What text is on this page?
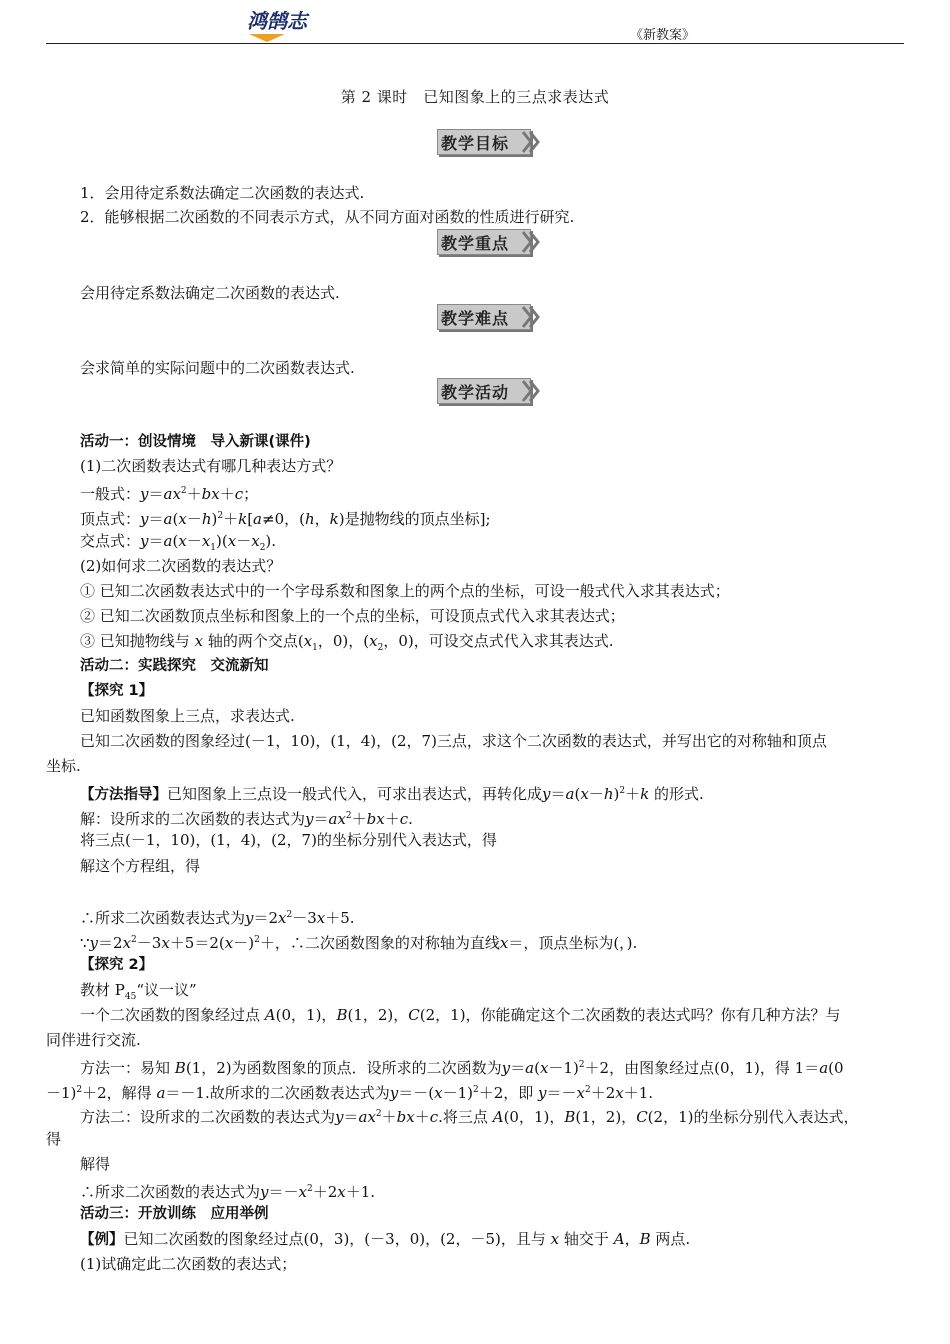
鸿鹄志
《新教案》
第 2 课时　已知图象上的三点求表达式
教学目标
1．会用待定系数法确定二次函数的表达式.
2．能够根据二次函数的不同表示方式，从不同方面对函数的性质进行研究.
教学重点
会用待定系数法确定二次函数的表达式.
教学难点
会求简单的实际问题中的二次函数表达式.
教学活动
活动一：创设情境　导入新课(课件)
(1)二次函数表达式有哪几种表达方式？
一般式：$y=ax^2+bx+c$；
顶点式：$y=a(x-h)^2+k[a\ne 0$，(h，k)是抛物线的顶点坐标];
交点式：$y=a(x-x_1)(x-x_2)$.
(2)如何求二次函数的表达式？
① 已知二次函数表达式中的一个字母系数和图象上的两个点的坐标，可设一般式代入求其表达式；
② 已知二次函数顶点坐标和图象上的一个点的坐标，可设顶点式代入求其表达式；
③ 已知抛物线与 x 轴的两个交点($x_1$，0)，($x_2$，0)，可设交点式代入求其表达式.
活动二：实践探究　交流新知
【探究 1】
已知函数图象上三点，求表达式.
已知二次函数的图象经过(－1，10)，(1，4)，(2，7)三点，求这个二次函数的表达式，并写出它的对称轴和顶点
坐标.
【方法指导】已知图象上三点设一般式代入，可求出表达式，再转化成$y=a(x-h)^2+k$ 的形式.
解：设所求的二次函数的表达式为$y=ax^2+bx+c$.
将三点(－1，10)，(1，4)，(2，7)的坐标分别代入表达式，得
解这个方程组，得
∴所求二次函数表达式为$y=2x^2-3x+5$.
$\because y=2x^2-3x+5=2(x-)^2+$，∴二次函数图象的对称轴为直线x＝，顶点坐标为(，).
【探究 2】
教材 $P_{45}“$议一议”
一个二次函数的图象经过点 A(0，1)，B(1，2)，C(2，1)，你能确定这个二次函数的表达式吗？你有几种方法？与
同伴进行交流.
方法一：易知 B(1，2)为函数图象的顶点．设所求的二次函数为$y=a(x-1)^2+2$，由图象经过点(0，1)，得 1＝a(0
－1)$^2$＋2，解得 a＝－1.故所求的二次函数表达式为$y=-(x-1)^2+2$，即 $y=-x^2+2x+1$.
方法二：设所求的二次函数的表达式为$y=ax^2+bx+c$.将三点 A(0，1)，B(1，2)，C(2，1)的坐标分别代入表达式，
得
解得
∴所求二次函数的表达式为$y=-x^2+2x+1$.
活动三：开放训练　应用举例
【例】已知二次函数的图象经过点(0，3)，(－3，0)，(2，－5)，且与 x 轴交于 A，B 两点.
(1)试确定此二次函数的表达式；
